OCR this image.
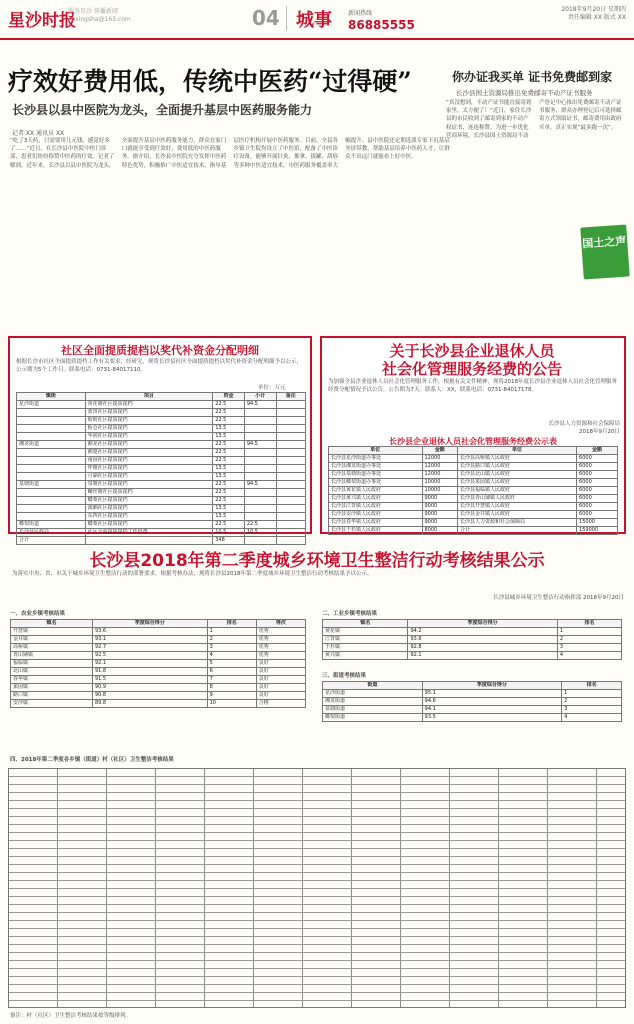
星沙时报
服务星沙 传播新闻
cnxingsha@163.com	04 城事	新闻热线
86885555
2018年9月20日 星期四
责任编辑 XX 版式 XX
疗效好费用低，传统中医药“过得硬”
长沙县以县中医院为龙头，全面提升基层中医药服务能力
记者 XX 通讯员 XX
“吃了3天药，只需要用几元钱，感觉好多了……”近日，在长沙县中医院中医门诊部，患者们纷纷称赞中医药的疗效。记者了解到，近年来，长沙县以县中医院为龙头，全面提升基层中医药服务能力，群众在家门口就能享受到疗效好、费用低的中医药服务。据介绍，长沙县中医院充分发挥中医药特色优势，积极推广中医适宜技术，指导基层医疗机构开展中医药服务。目前，全县各乡镇卫生院均设立了中医馆，配备了中医诊疗设备，能够开展针灸、推拿、拔罐、刮痧等多种中医适宜技术，中医药服务覆盖率大幅提升。县中医院还定期选派专家下沉基层坐诊带教，帮助基层培养中医药人才，让群众不出远门就能看上好中医。
你办证我买单 证书免费邮到家
长沙县国土资源局推出免费邮寄不动产证书服务
“真没想到，不动产证书能直接寄到家里，太方便了！”近日，家住长沙县的市民收到了邮寄到家的不动产权证书，连连称赞。为进一步优化营商环境，长沙县国土资源局不动产登记中心推出免费邮寄不动产证书服务，群众办理登记后可选择邮寄方式领取证书，邮寄费用由政府买单，真正实现“最多跑一次”。
国土之声
社区全面提质提档以奖代补资金分配明细
根据长沙市社区全面提质提档工作有关要求，经研究，现将长沙县社区全面提质提档以奖代补资金分配明细予以公示，公示期为5个工作日。联系电话：0731-84017110。
单位：万元
镇街	项目	资金	小计	备注
星沙街道	黄花塘社区提质提档	22.5	94.5	
	蓝田社区提质提档	22.5		
	盼盼社区提质提档	22.5		
	板仓社区提质提档	13.5		
	华润社区提质提档	13.5		
湘龙街道	湘龙社区提质提档	22.5	94.5	
	湘楚社区提质提档	22.5		
	南园社区提质提档	22.5		
	坪塘社区提质提档	13.5		
	月湖社区提质提档	13.5		
泉塘街道	泉塘社区提质提档	22.5	94.5	
	螺丝塘社区提质提档	22.5		
	榔梨社区提质提档	22.5		
	漓湘社区提质提档	13.5		
	东四社区提质提档	13.5		
榔梨街道	榔梨社区提质提档	22.5	22.5	
长沙县民政局	社区全面提质提档工作经费	10.5	10.5	
合计		348		
关于长沙县企业退休人员
社会化管理服务经费的公告
为加强全县企业退休人员社会化管理服务工作，根据有关文件精神，现将2018年度长沙县企业退休人员社会化管理服务经费分配情况予以公告，公告期为7天。联系人：XX，联系电话：0731-84017178。
长沙县人力资源和社会保障局
2018年9月20日
长沙县企业退休人员社会化管理服务经费公示表
单位	金额	单位	金额
长沙县星沙街道办事处	12000	长沙县高桥镇人民政府	6000
长沙县湘龙街道办事处	12000	长沙县路口镇人民政府	6000
长沙县泉塘街道办事处	12000	长沙县北山镇人民政府	6000
长沙县榔梨街道办事处	10000	长沙县果园镇人民政府	6000
长沙县黄花镇人民政府	10000	长沙县福临镇人民政府	6000
长沙县黄兴镇人民政府	9000	长沙县青山铺镇人民政府	6000
长沙县江背镇人民政府	9000	长沙县开慧镇人民政府	6000
长沙县安沙镇人民政府	9000	长沙县金井镇人民政府	6000
长沙县春华镇人民政府	9000	长沙县人力资源和社会保障局	15000
长沙县干杉镇人民政府	8000	合计	159000
长沙县2018年第二季度城乡环境卫生整洁行动考核结果公示
为落实中央、省、市关于城乡环境卫生整洁行动的部署要求，根据考核办法，现将长沙县2018年第二季度城乡环境卫生整洁行动考核结果予以公示。
长沙县城乡环境卫生整洁行动指挥部 2018年9月20日
一、农业乡镇考核结果
镇名	季度综合得分	排名	等次
开慧镇	93.6	1	优秀
金井镇	93.1	2	优秀
高桥镇	92.7	3	优秀
青山铺镇	92.5	4	优秀
福临镇	92.1	5	良好
北山镇	91.8	6	良好
春华镇	91.5	7	良好
果园镇	90.9	8	良好
路口镇	90.8	9	良好
安沙镇	89.8	10	合格
二、工业乡镇考核结果
镇名	季度综合得分	排名
黄花镇	94.2	1
江背镇	93.6	2
干杉镇	92.8	3
黄兴镇	92.1	4
三、街道考核结果
街道	季度综合得分	排名
星沙街道	95.1	1
湘龙街道	94.6	2
泉塘街道	94.1	3
榔梨街道	93.5	4
四、2018年第二季度各乡镇（街道）村（社区）卫生整洁考核结果
备注：村（社区）卫生整洁考核结果按等级排列。
